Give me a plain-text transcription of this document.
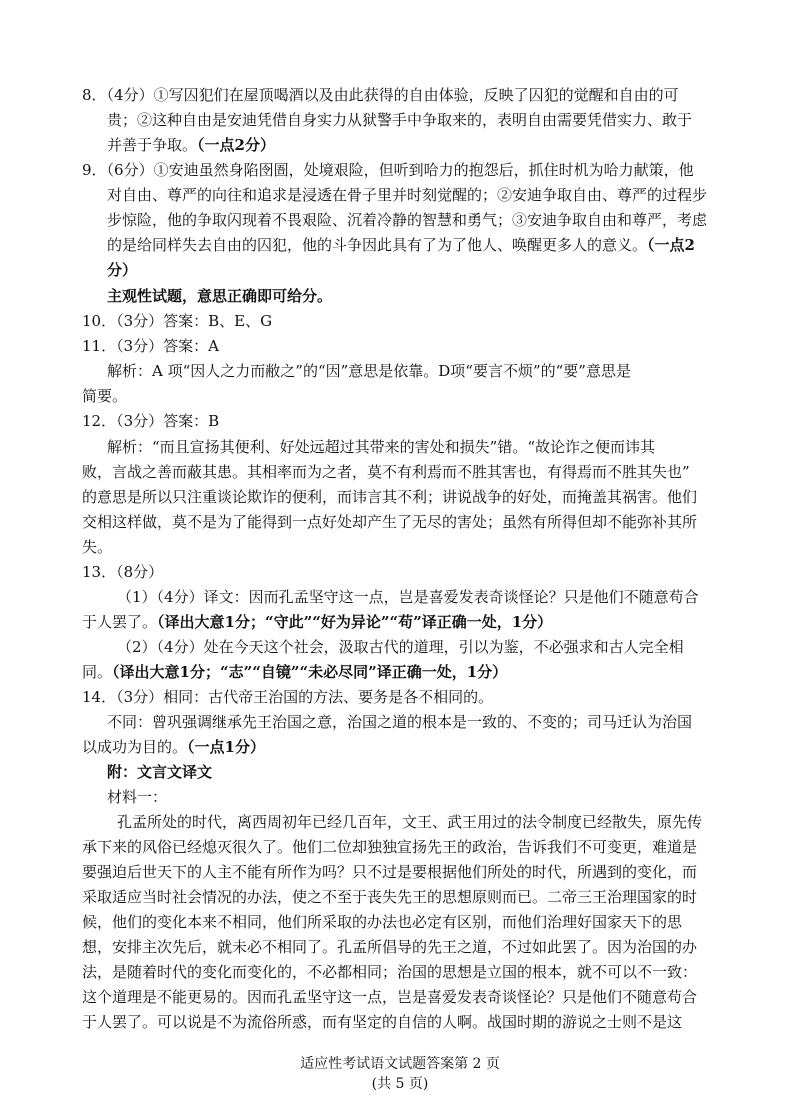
8．（4分）①写囚犯们在屋顶喝酒以及由此获得的自由体验，反映了囚犯的觉醒和自由的可
贵；②这种自由是安迪凭借自身实力从狱警手中争取来的，表明自由需要凭借实力、敢于
并善于争取。（一点2分）
9．（6分）①安迪虽然身陷囹圄，处境艰险，但听到哈力的抱怨后，抓住时机为哈力献策，他
对自由、尊严的向往和追求是浸透在骨子里并时刻觉醒的；②安迪争取自由、尊严的过程步
步惊险，他的争取闪现着不畏艰险、沉着冷静的智慧和勇气；③安迪争取自由和尊严，考虑
的是给同样失去自由的囚犯，他的斗争因此具有了为了他人、唤醒更多人的意义。（一点2
分）
主观性试题，意思正确即可给分。
10．（3分）答案：B、E、G
11．（3分）答案：A
解析：A 项“因人之力而敝之”的“因”意思是依靠。D项“要言不烦”的“要”意思是
简要。
12．（3分）答案：B
解析：“而且宣扬其便利、好处远超过其带来的害处和损失”错。“故论诈之便而讳其
败，言战之善而蔽其患。其相率而为之者，莫不有利焉而不胜其害也，有得焉而不胜其失也”
的意思是所以只注重谈论欺诈的便利，而讳言其不利；讲说战争的好处，而掩盖其祸害。他们
交相这样做，莫不是为了能得到一点好处却产生了无尽的害处；虽然有所得但却不能弥补其所
失。
13．（8分）
（1）（4分）译文：因而孔孟坚守这一点，岂是喜爱发表奇谈怪论？只是他们不随意苟合
于人罢了。（译出大意1分；“守此”“好为异论”“苟”译正确一处，1分）
（2）（4分）处在今天这个社会，汲取古代的道理，引以为鉴，不必强求和古人完全相
同。（译出大意1分；“志”“自镜”“未必尽同”译正确一处，1分）
14．（3分）相同：古代帝王治国的方法、要务是各不相同的。
不同：曾巩强调继承先王治国之意，治国之道的根本是一致的、不变的；司马迁认为治国
以成功为目的。（一点1分）
附：文言文译文
材料一：
孔孟所处的时代，离西周初年已经几百年，文王、武王用过的法令制度已经散失，原先传
承下来的风俗已经熄灭很久了。他们二位却独独宣扬先王的政治，告诉我们不可变更，难道是
要强迫后世天下的人主不能有所作为吗？只不过是要根据他们所处的时代，所遇到的变化，而
采取适应当时社会情况的办法，使之不至于丧失先王的思想原则而已。二帝三王治理国家的时
候，他们的变化本来不相同，他们所采取的办法也必定有区别，而他们治理好国家天下的思
想，安排主次先后，就未必不相同了。孔孟所倡导的先王之道，不过如此罢了。因为治国的办
法，是随着时代的变化而变化的，不必都相同；治国的思想是立国的根本，就不可以不一致：
这个道理是不能更易的。因而孔孟坚守这一点，岂是喜爱发表奇谈怪论？只是他们不随意苟合
于人罢了。可以说是不为流俗所惑，而有坚定的自信的人啊。战国时期的游说之士则不是这
适应性考试语文试题答案第 2 页
(共 5 页)
